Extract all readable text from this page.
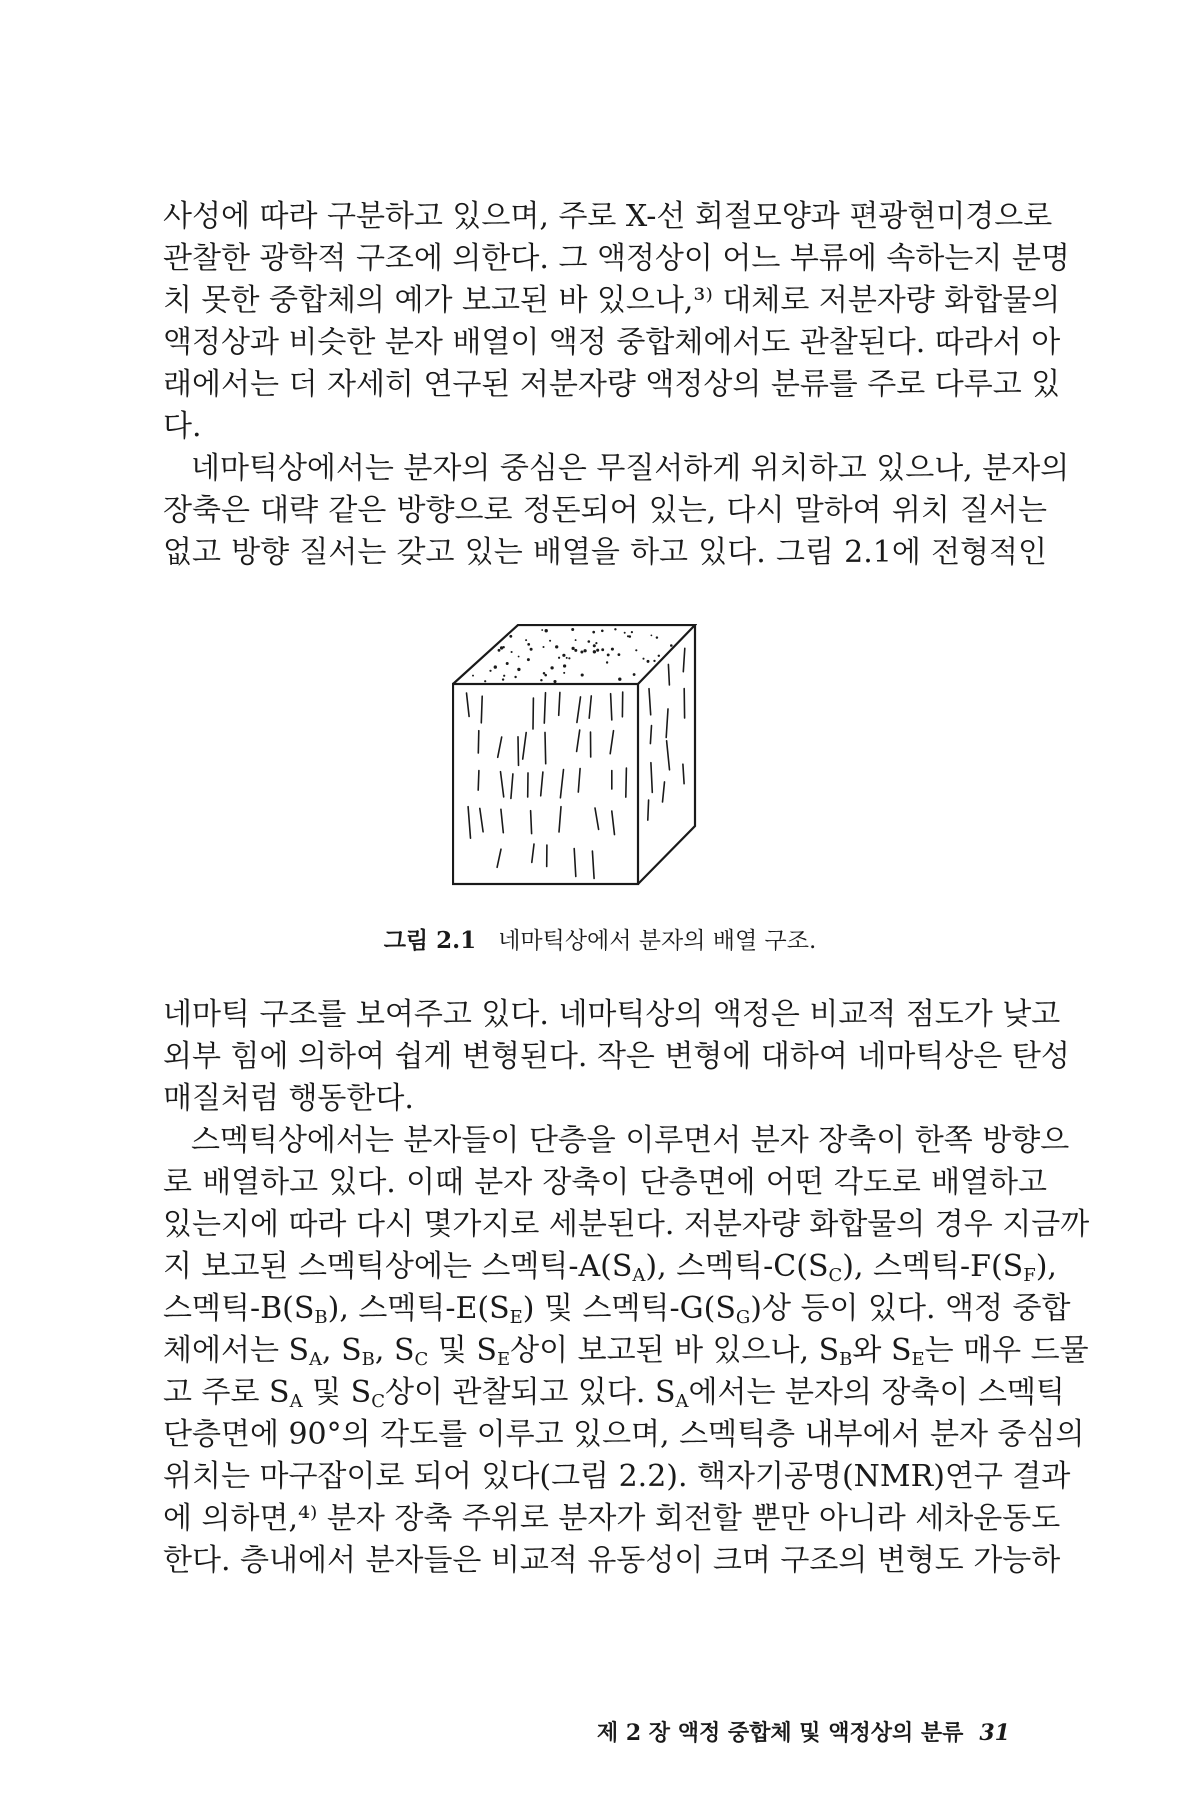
사성에 따라 구분하고 있으며, 주로 X-선 회절모양과 편광현미경으로
관찰한 광학적 구조에 의한다. 그 액정상이 어느 부류에 속하는지 분명
치 못한 중합체의 예가 보고된 바 있으나,³⁾ 대체로 저분자량 화합물의
액정상과 비슷한 분자 배열이 액정 중합체에서도 관찰된다. 따라서 아
래에서는 더 자세히 연구된 저분자량 액정상의 분류를 주로 다루고 있
다.
네마틱상에서는 분자의 중심은 무질서하게 위치하고 있으나, 분자의
장축은 대략 같은 방향으로 정돈되어 있는, 다시 말하여 위치 질서는
없고 방향 질서는 갖고 있는 배열을 하고 있다. 그림 2.1에 전형적인
그림 2.1 네마틱상에서 분자의 배열 구조.
네마틱 구조를 보여주고 있다. 네마틱상의 액정은 비교적 점도가 낮고
외부 힘에 의하여 쉽게 변형된다. 작은 변형에 대하여 네마틱상은 탄성
매질처럼 행동한다.
스멕틱상에서는 분자들이 단층을 이루면서 분자 장축이 한쪽 방향으
로 배열하고 있다. 이때 분자 장축이 단층면에 어떤 각도로 배열하고
있는지에 따라 다시 몇가지로 세분된다. 저분자량 화합물의 경우 지금까
지 보고된 스멕틱상에는 스멕틱$-A(S_A)$, 스멕틱$-C(S_C)$, 스멕틱$-F(S_F)$,
스멕틱$-B(S_B)$, 스멕틱$-E(S_E)$ 및 스멕틱$-G(S_G)$상 등이 있다. 액정 중합
체에서는 $S_A$, $S_B$, $S_C$ 및 $S_E$상이 보고된 바 있으나, $S_B$와 $S_E$는 매우 드물
고 주로 $S_A$ 및 $S_C$상이 관찰되고 있다. $S_A$에서는 분자의 장축이 스멕틱
단층면에 90°의 각도를 이루고 있으며, 스멕틱층 내부에서 분자 중심의
위치는 마구잡이로 되어 있다(그림 2.2). 핵자기공명(NMR)연구 결과
에 의하면,⁴⁾ 분자 장축 주위로 분자가 회전할 뿐만 아니라 세차운동도
한다. 층내에서 분자들은 비교적 유동성이 크며 구조의 변형도 가능하
제 2 장 액정 중합체 및 액정상의 분류 31
